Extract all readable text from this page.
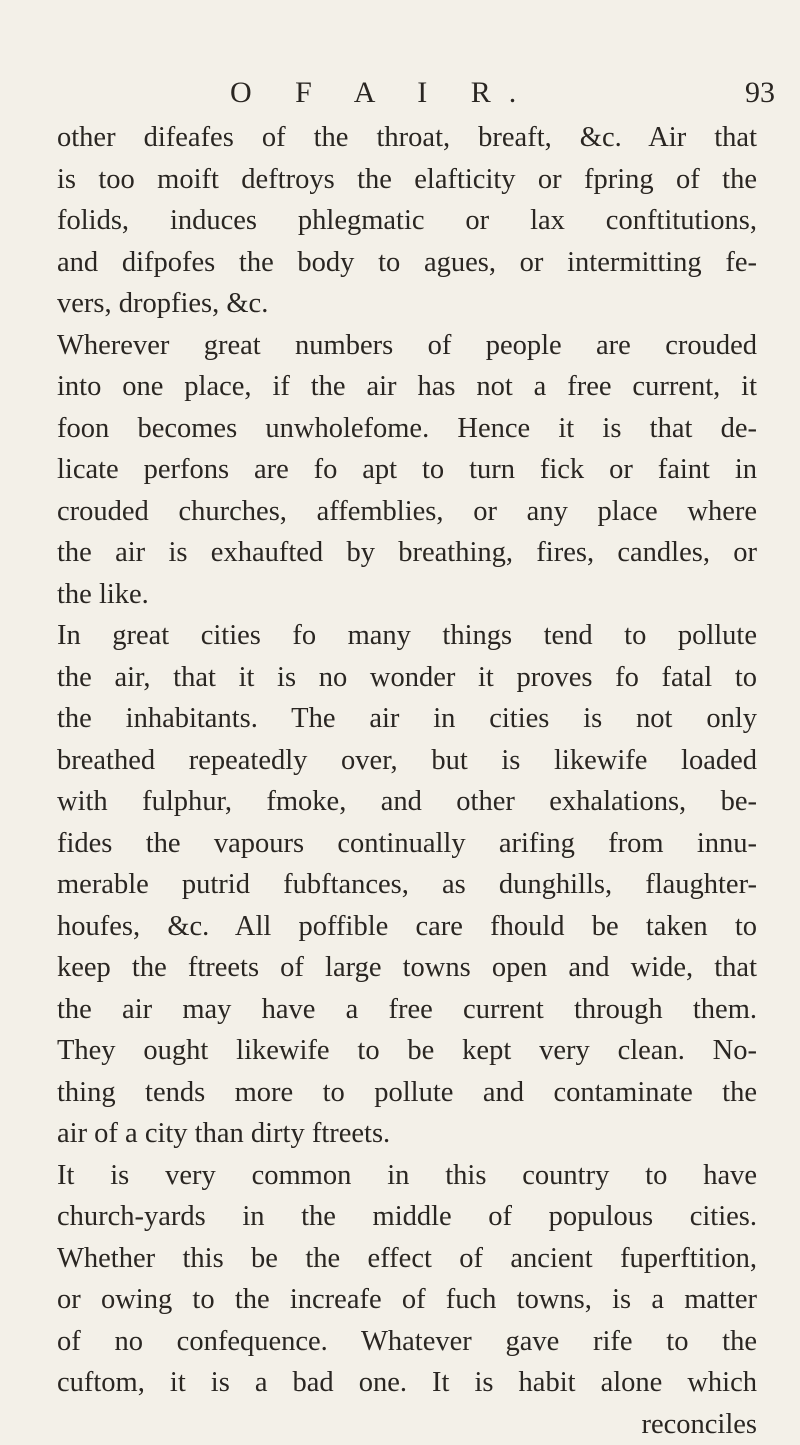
O F A I R.	93
other difeafes of the throat, breaft, &c. Air that
is too moift deftroys the elafticity or fpring of the
folids, induces phlegmatic or lax conftitutions,
and difpofes the body to agues, or intermitting fe-
vers, dropfies, &c.
Wherever great numbers of people are crouded
into one place, if the air has not a free current, it
foon becomes unwholefome. Hence it is that de-
licate perfons are fo apt to turn fick or faint in
crouded churches, affemblies, or any place where
the air is exhaufted by breathing, fires, candles, or
the like.
In great cities fo many things tend to pollute
the air, that it is no wonder it proves fo fatal to
the inhabitants. The air in cities is not only
breathed repeatedly over, but is likewife loaded
with fulphur, fmoke, and other exhalations, be-
fides the vapours continually arifing from innu-
merable putrid fubftances, as dunghills, flaughter-
houfes, &c. All poffible care fhould be taken to
keep the ftreets of large towns open and wide, that
the air may have a free current through them.
They ought likewife to be kept very clean. No-
thing tends more to pollute and contaminate the
air of a city than dirty ftreets.
It is very common in this country to have
church-yards in the middle of populous cities.
Whether this be the effect of ancient fuperftition,
or owing to the increafe of fuch towns, is a matter
of no confequence. Whatever gave rife to the
cuftom, it is a bad one. It is habit alone which
reconciles
